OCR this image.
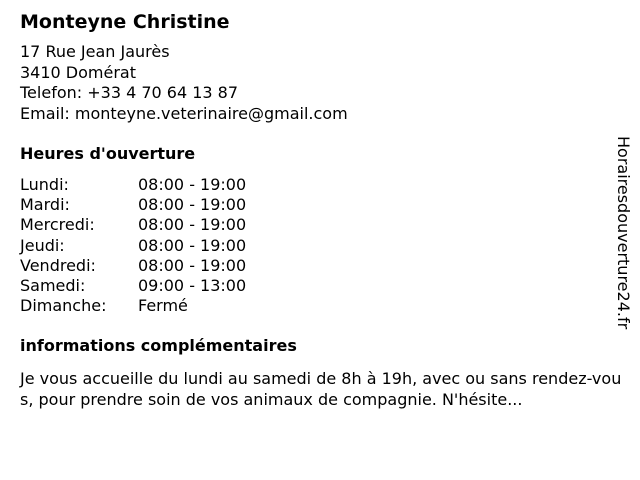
Monteyne Christine
17 Rue Jean Jaurès
3410 Domérat
Telefon: +33 4 70 64 13 87
Email: monteyne.veterinaire@gmail.com
Heures d'ouverture
Lundi:	08:00 - 19:00
Mardi:	08:00 - 19:00
Mercredi:	08:00 - 19:00
Jeudi:	08:00 - 19:00
Vendredi:	08:00 - 19:00
Samedi:	09:00 - 13:00
Dimanche:	Fermé
informations complémentaires
Je vous accueille du lundi au samedi de 8h à 19h, avec ou sans rendez-vous, pour prendre soin de vos animaux de compagnie. N'hésite...
Horairesdouverture24.fr
